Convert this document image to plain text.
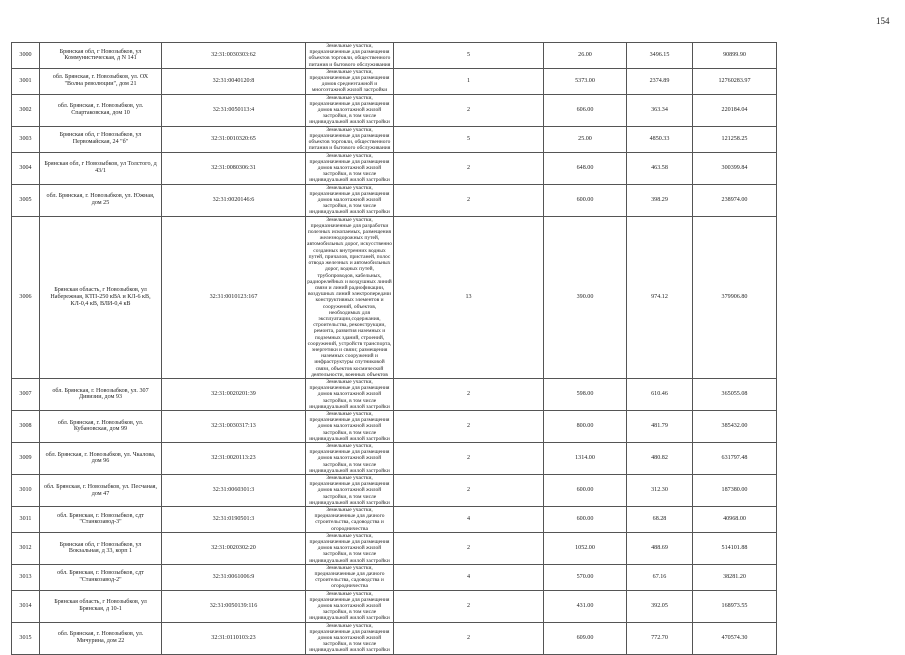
154
3000	Брянская обл, г Новозыбков, ул Коммунистическая, д N 141	32:31:0030303:62	Земельные участки, предназначенные для размещения объектов торговли, общественного питания и бытового обслуживания	5	26.00	3496.15	90899.90
3001	обл. Брянская, г. Новозыбков, ул. ОХ "Волна революции", дом 21	32:31:0040120:8	Земельные участки, предназначенные для размещения домов среднеэтажной и многоэтажной жилой застройки	1	5373.00	2374.89	12760283.97
3002	обл. Брянская, г. Новозыбков, ул. Спартаковская, дом 10	32:31:0050113:4	Земельные участки, предназначенные для размещения домов малоэтажной жилой застройки, в том числе индивидуальной жилой застройки	2	606.00	363.34	220184.04
3003	Брянская обл, г Новозыбков, ул Первомайская, 24 "б"	32:31:0010320:65	Земельные участки, предназначенные для размещения объектов торговли, общественного питания и бытового обслуживания	5	25.00	4850.33	121258.25
3004	Брянская обл, г Новозыбков, ул Толстого, д 43/1	32:31:0080306:31	Земельные участки, предназначенные для размещения домов малоэтажной жилой застройки, в том числе индивидуальной жилой застройки	2	648.00	463.58	300399.84
3005	обл. Брянская, г. Новозыбков, ул. Южная, дом 25	32:31:0020146:6	Земельные участки, предназначенные для размещения домов малоэтажной жилой застройки, в том числе индивидуальной жилой застройки	2	600.00	398.29	238974.00
3006	Брянская область, г Новозыбков, ул Набережная, КТП-250 кВА и КЛ-6 кВ, КЛ-0,4 кВ, ВЛИ-0,4 кВ	32:31:0010123:167	Земельные участки, предназначенные для разработки полезных ископаемых, размещения железнодорожных путей, автомобильных дорог, искусственно созданных внутренних водных путей, причалов, пристаней, полос отвода железных и автомобильных дорог, водных путей, трубопроводов, кабельных, радиорелейных и воздушных линий связи и линий радиофикации, воздушных линий электропередачи конструктивных элементов и сооружений, объектов, необходимых для эксплуатации,содержания, строительства, реконструкции, ремонта, развития наземных и подземных зданий, строений, сооружений, устройств транспорта, энергетики и связи; размещения наземных сооружений и инфраструктуры спутниковой связи, объектов космической деятельности, военных объектов	13	390.00	974.12	379906.80
3007	обл. Брянская, г. Новозыбков, ул. 307 Дивизии, дом 93	32:31:0020201:39	Земельные участки, предназначенные для размещения домов малоэтажной жилой застройки, в том числе индивидуальной жилой застройки	2	598.00	610.46	365055.08
3008	обл. Брянская, г. Новозыбков, ул. Кубановская, дом 99	32:31:0030317:13	Земельные участки, предназначенные для размещения домов малоэтажной жилой застройки, в том числе индивидуальной жилой застройки	2	800.00	481.79	385432.00
3009	обл. Брянская, г. Новозыбков, ул. Чкалова, дом 96	32:31:0020113:23	Земельные участки, предназначенные для размещения домов малоэтажной жилой застройки, в том числе индивидуальной жилой застройки	2	1314.00	480.82	631797.48
3010	обл. Брянская, г. Новозыбков, ул. Песчаная, дом 47	32:31:0060301:3	Земельные участки, предназначенные для размещения домов малоэтажной жилой застройки, в том числе индивидуальной жилой застройки	2	600.00	312.30	187380.00
3011	обл. Брянская, г. Новозыбков, сдт "Станкозавод-3"	32:31:0190501:3	Земельные участки, предназначенные для дачного строительства, садоводства и огородничества	4	600.00	68.28	40968.00
3012	Брянская обл, г Новозыбков, ул Вокзальная, д 33, корп 1	32:31:0020302:20	Земельные участки, предназначенные для размещения домов малоэтажной жилой застройки, в том числе индивидуальной жилой застройки	2	1052.00	488.69	514101.88
3013	обл. Брянская, г. Новозыбков, сдт "Станкозавод-2"	32:31:0061006:9	Земельные участки, предназначенные для дачного строительства, садоводства и огородничества	4	570.00	67.16	38281.20
3014	Брянская область, г Новозыбков, ул Брянская, д 10-1	32:31:0050139:116	Земельные участки, предназначенные для размещения домов малоэтажной жилой застройки, в том числе индивидуальной жилой застройки	2	431.00	392.05	168973.55
3015	обл. Брянская, г. Новозыбков, ул. Мичурина, дом 22	32:31:0110103:23	Земельные участки, предназначенные для размещения домов малоэтажной жилой застройки, в том числе индивидуальной жилой застройки	2	609.00	772.70	470574.30
